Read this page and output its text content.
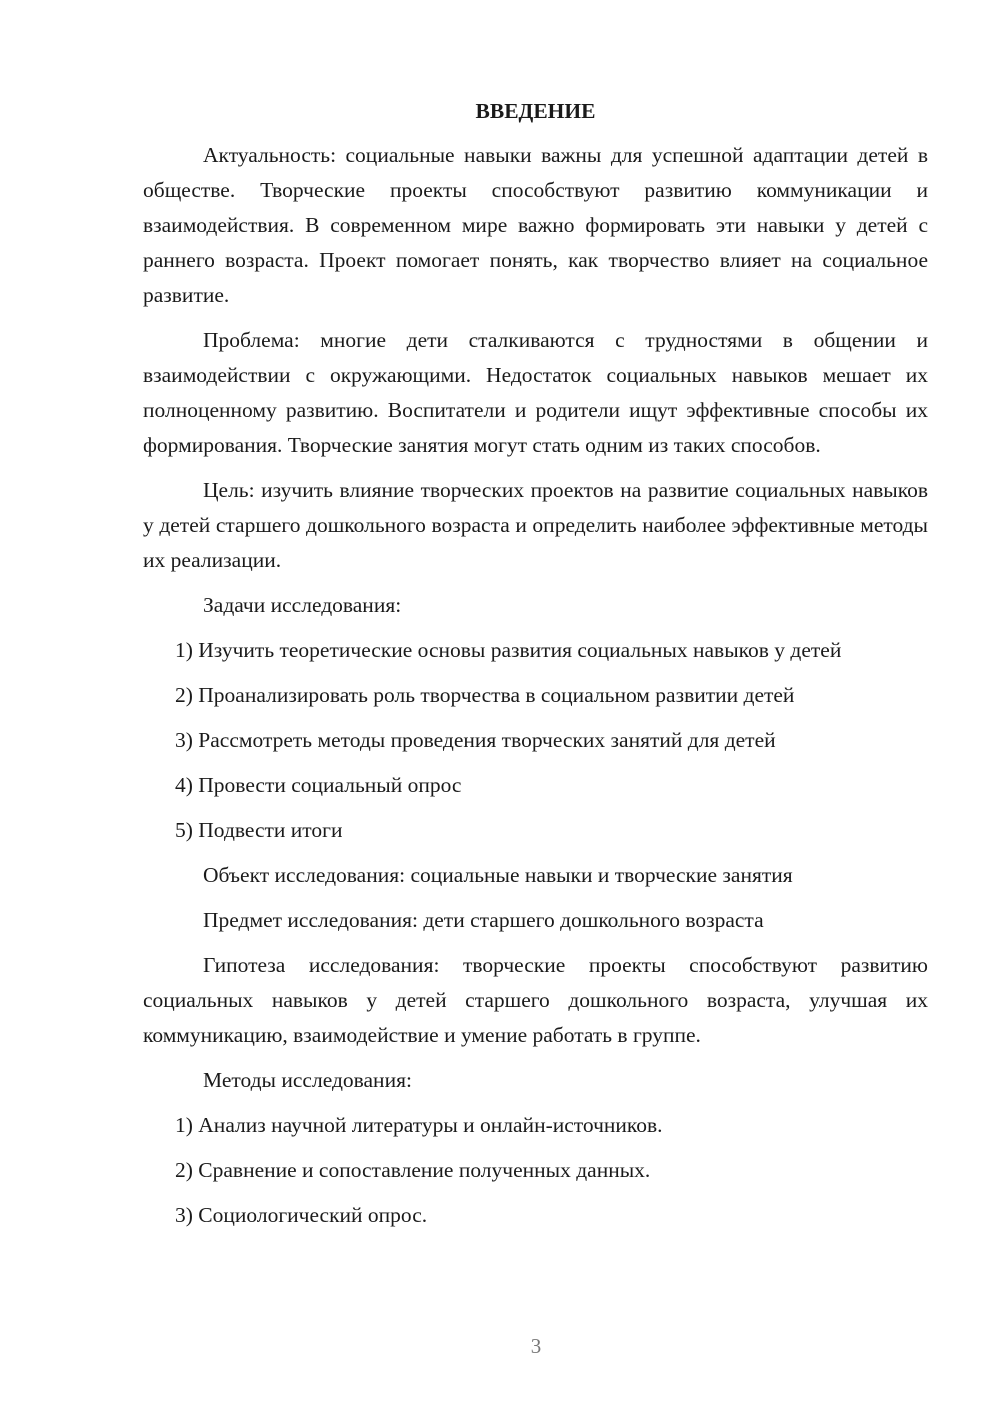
ВВЕДЕНИЕ

Актуальность: социальные навыки важны для успешной адаптации детей в обществе. Творческие проекты способствуют развитию коммуникации и взаимодействия. В современном мире важно формировать эти навыки у детей с раннего возраста. Проект помогает понять, как творчество влияет на социальное развитие.

Проблема: многие дети сталкиваются с трудностями в общении и взаимодействии с окружающими. Недостаток социальных навыков мешает их полноценному развитию. Воспитатели и родители ищут эффективные способы их формирования. Творческие занятия могут стать одним из таких способов.

Цель: изучить влияние творческих проектов на развитие социальных навыков у детей старшего дошкольного возраста и определить наиболее эффективные методы их реализации.

Задачи исследования:

1) Изучить теоретические основы развития социальных навыков у детей

2) Проанализировать роль творчества в социальном развитии детей

3) Рассмотреть методы проведения творческих занятий для детей

4) Провести социальный опрос

5) Подвести итоги

Объект исследования: социальные навыки и творческие занятия

Предмет исследования: дети старшего дошкольного возраста

Гипотеза исследования: творческие проекты способствуют развитию социальных навыков у детей старшего дошкольного возраста, улучшая их коммуникацию, взаимодействие и умение работать в группе.

Методы исследования:

1) Анализ научной литературы и онлайн-источников.

2) Сравнение и сопоставление полученных данных.

3) Социологический опрос.

3
